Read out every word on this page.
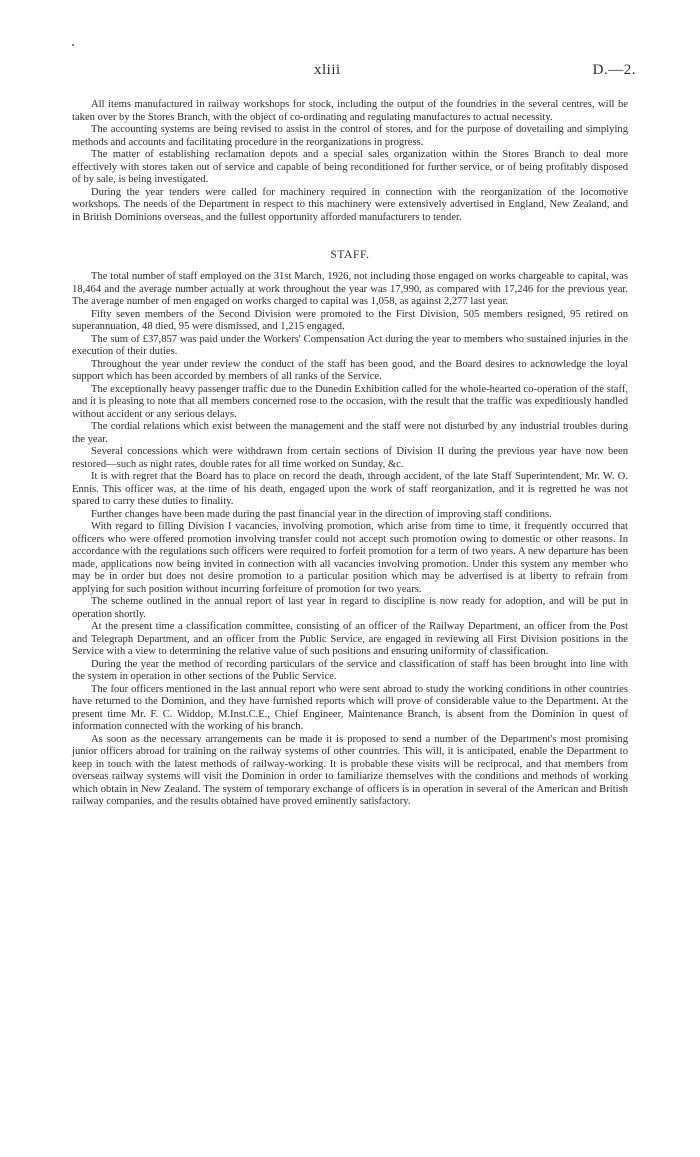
xliii	D.—2.

All items manufactured in railway workshops for stock, including the output of the foundries in the several centres, will be taken over by the Stores Branch, with the object of co-ordinating and regulating manufactures to actual necessity.

The accounting systems are being revised to assist in the control of stores, and for the purpose of dovetailing and simplying methods and accounts and facilitating procedure in the reorganizations in progress.

The matter of establishing reclamation depots and a special sales organization within the Stores Branch to deal more effectively with stores taken out of service and capable of being reconditioned for further service, or of being profitably disposed of by sale, is being investigated.

During the year tenders were called for machinery required in connection with the reorganization of the locomotive workshops. The needs of the Department in respect to this machinery were extensively advertised in England, New Zealand, and in British Dominions overseas, and the fullest opportunity afforded manufacturers to tender.

STAFF.

The total number of staff employed on the 31st March, 1926, not including those engaged on works chargeable to capital, was 18,464 and the average number actually at work throughout the year was 17,990, as compared with 17,246 for the previous year. The average number of men engaged on works charged to capital was 1,058, as against 2,277 last year.

Fifty seven members of the Second Division were promoted to the First Division, 505 members resigned, 95 retired on superannuation, 48 died, 95 were dismissed, and 1,215 engaged.

The sum of £37,857 was paid under the Workers' Compensation Act during the year to members who sustained injuries in the execution of their duties.

Throughout the year under review the conduct of the staff has been good, and the Board desires to acknowledge the loyal support which has been accorded by members of all ranks of the Service.

The exceptionally heavy passenger traffic due to the Dunedin Exhibition called for the whole-hearted co-operation of the staff, and it is pleasing to note that all members concerned rose to the occasion, with the result that the traffic was expeditiously handled without accident or any serious delays.

The cordial relations which exist between the management and the staff were not disturbed by any industrial troubles during the year.

Several concessions which were withdrawn from certain sections of Division II during the previous year have now been restored—such as night rates, double rates for all time worked on Sunday, &c.

It is with regret that the Board has to place on record the death, through accident, of the late Staff Superintendent, Mr. W. O. Ennis. This officer was, at the time of his death, engaged upon the work of staff reorganization, and it is regretted he was not spared to carry these duties to finality.

Further changes have been made during the past financial year in the direction of improving staff conditions.

With regard to filling Division I vacancies, involving promotion, which arise from time to time, it frequently occurred that officers who were offered promotion involving transfer could not accept such promotion owing to domestic or other reasons. In accordance with the regulations such officers were required to forfeit promotion for a term of two years. A new departure has been made, applications now being invited in connection with all vacancies involving promotion. Under this system any member who may be in order but does not desire promotion to a particular position which may be advertised is at liberty to refrain from applying for such position without incurring forfeiture of promotion for two years.

The scheme outlined in the annual report of last year in regard to discipline is now ready for adoption, and will be put in operation shortly.

At the present time a classification committee, consisting of an officer of the Railway Department, an officer from the Post and Telegraph Department, and an officer from the Public Service, are engaged in reviewing all First Division positions in the Service with a view to determining the relative value of such positions and ensuring uniformity of classification.

During the year the method of recording particulars of the service and classification of staff has been brought into line with the system in operation in other sections of the Public Service.

The four officers mentioned in the last annual report who were sent abroad to study the working conditions in other countries have returned to the Dominion, and they have furnished reports which will prove of considerable value to the Department. At the present time Mr. F. C. Widdop, M.Inst.C.E., Chief Engineer, Maintenance Branch, is absent from the Dominion in quest of information connected with the working of his branch.

As soon as the necessary arrangements can be made it is proposed to send a number of the Department's most promising junior officers abroad for training on the railway systems of other countries. This will, it is anticipated, enable the Department to keep in touch with the latest methods of railway-working. It is probable these visits will be reciprocal, and that members from overseas railway systems will visit the Dominion in order to familiarize themselves with the conditions and methods of working which obtain in New Zealand. The system of temporary exchange of officers is in operation in several of the American and British railway companies, and the results obtained have proved eminently satisfactory.
